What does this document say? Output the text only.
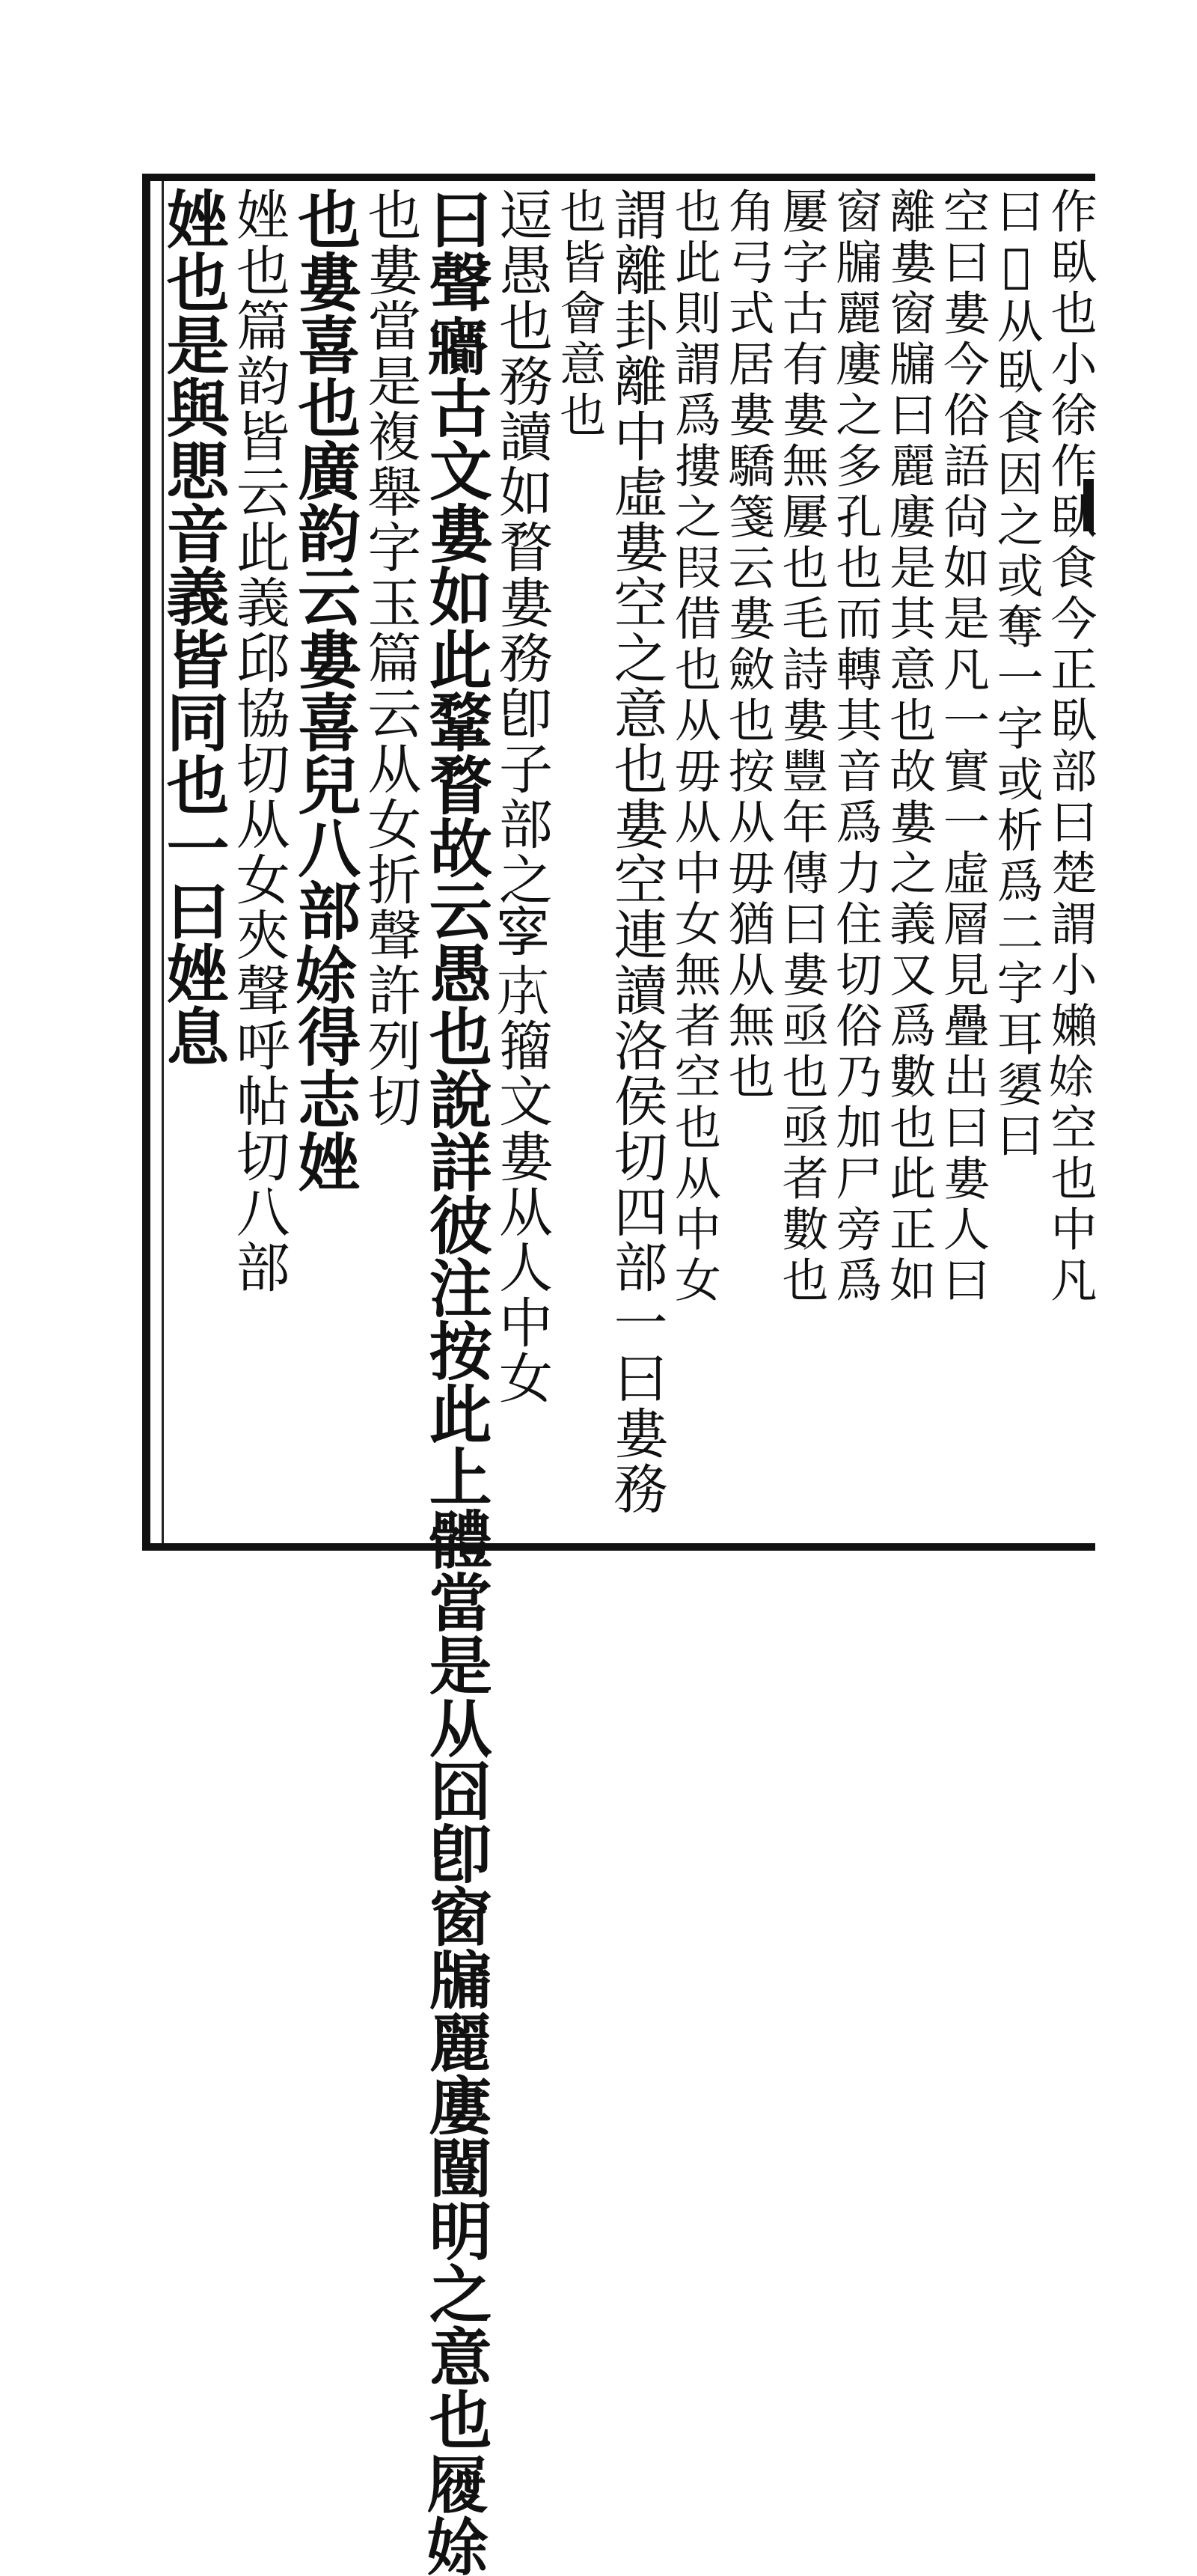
作臥也小徐作臥食今正臥部曰楚謂小嬾𡝐空也中凡
曰𥩟从臥食因之或奪一字或析爲二字耳嬃曰
空曰婁今俗語尙如是凡一實一虛層見疊出曰婁人曰
離婁窗牖曰麗廔是其意也故婁之義又爲數也此正如
窗牖麗廔之多孔也而轉其音爲力住切俗乃加尸旁爲
屢字古有婁無屢也毛詩婁豐年傳曰婁亟也亟者數也
角弓式居婁驕箋云婁斂也按从毋猶从無也
也此則謂爲摟之叚借也从毋从中女無者空也从中女
謂離卦離中虛婁空之意也婁空連讀洛侯切四部一曰婁務
也皆會意也
逗愚也務讀如瞀婁務卽子部之𡥜𡥇籀文婁从人中女
曰聲𡬙古文婁如此鞪瞀故云愚也說詳彼注按此上體當是从囧卽窗牖麗廔闓明之意也𡳐𡝐
也婁當是複舉字玉篇云从女折聲許列切
也婁喜也廣韵云婁喜兒八部𡝐得志㛗
㛗也篇韵皆云此義邱協切从女夾聲呼帖切八部
㛗也是與愳音義皆同也一曰㛗息
